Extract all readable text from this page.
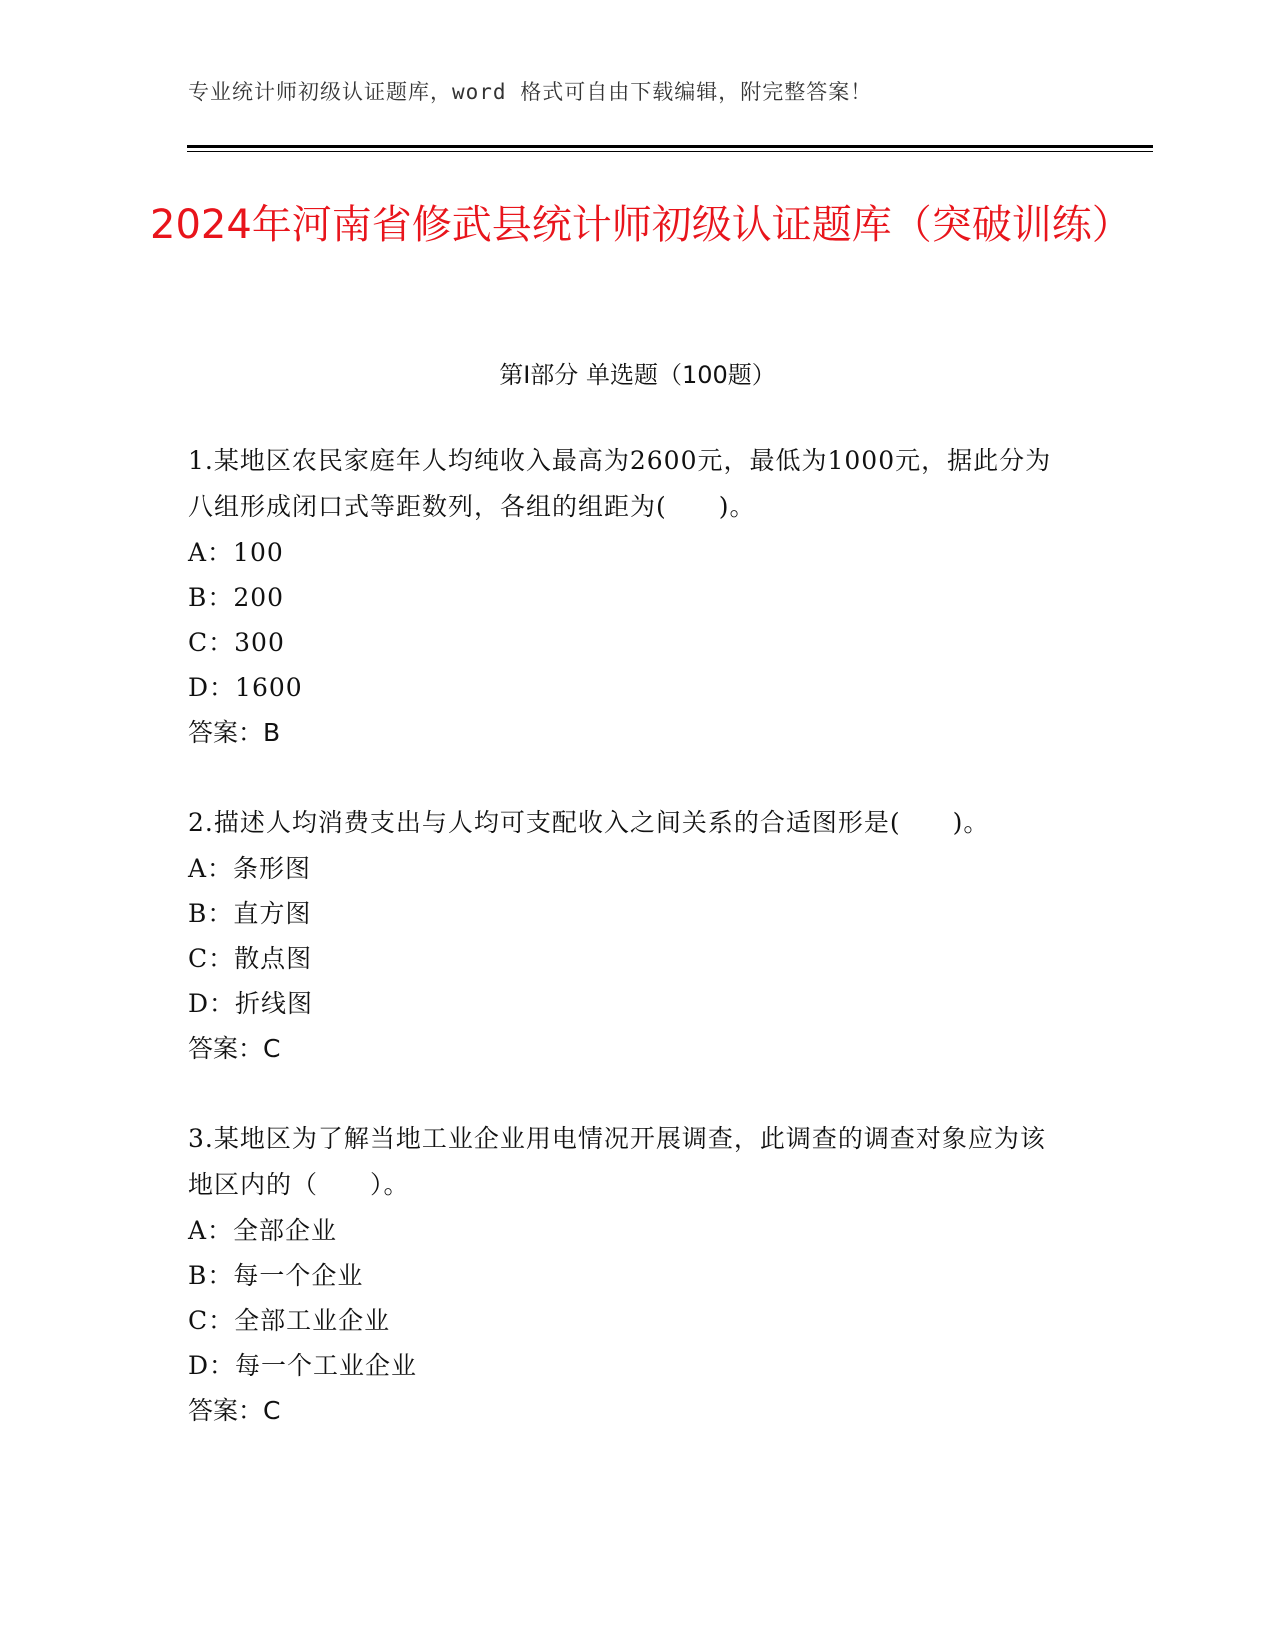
专业统计师初级认证题库，word 格式可自由下载编辑，附完整答案！
2024年河南省修武县统计师初级认证题库（突破训练）
第Ⅰ部分 单选题（100题）

1.某地区农民家庭年人均纯收入最高为2600元，最低为1000元，据此分为八组形成闭口式等距数列，各组的组距为(　　)。

A：100
B：200
C：300
D：1600
答案：B

2.描述人均消费支出与人均可支配收入之间关系的合适图形是(　　)。

A：条形图
B：直方图
C：散点图
D：折线图
答案：C

3.某地区为了解当地工业企业用电情况开展调查，此调查的调查对象应为该地区内的（　　）。

A：全部企业
B：每一个企业
C：全部工业企业
D：每一个工业企业
答案：C
